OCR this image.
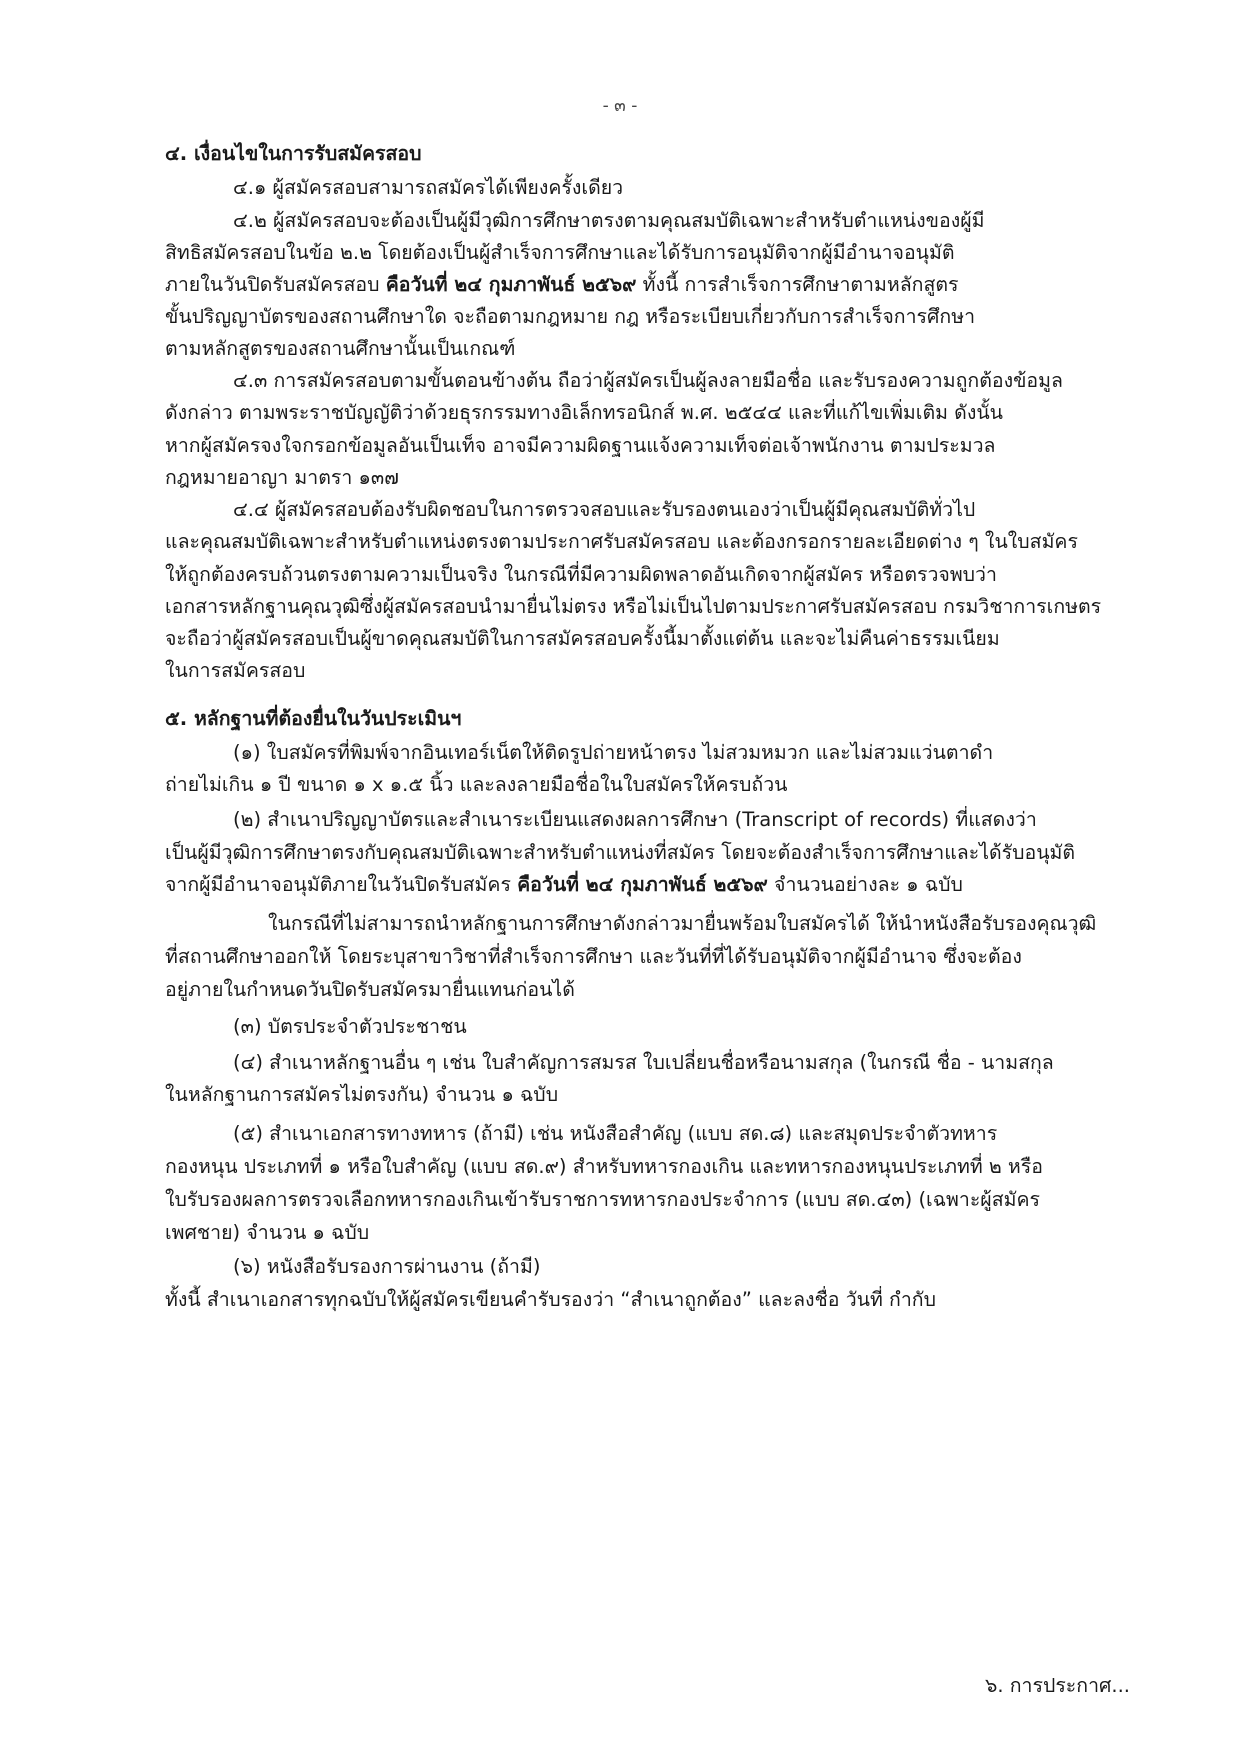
- ๓ -
๔. เงื่อนไขในการรับสมัครสอบ
๔.๑ ผู้สมัครสอบสามารถสมัครได้เพียงครั้งเดียว
๔.๒ ผู้สมัครสอบจะต้องเป็นผู้มีวุฒิการศึกษาตรงตามคุณสมบัติเฉพาะสำหรับตำแหน่งของผู้มี
สิทธิสมัครสอบในข้อ ๒.๒ โดยต้องเป็นผู้สำเร็จการศึกษาและได้รับการอนุมัติจากผู้มีอำนาจอนุมัติ
ภายในวันปิดรับสมัครสอบ คือวันที่ ๒๔ กุมภาพันธ์ ๒๕๖๙ ทั้งนี้ การสำเร็จการศึกษาตามหลักสูตร
ขั้นปริญญาบัตรของสถานศึกษาใด จะถือตามกฎหมาย กฎ หรือระเบียบเกี่ยวกับการสำเร็จการศึกษา
ตามหลักสูตรของสถานศึกษานั้นเป็นเกณฑ์
๔.๓ การสมัครสอบตามขั้นตอนข้างต้น ถือว่าผู้สมัครเป็นผู้ลงลายมือชื่อ และรับรองความถูกต้องข้อมูล
ดังกล่าว ตามพระราชบัญญัติว่าด้วยธุรกรรมทางอิเล็กทรอนิกส์ พ.ศ. ๒๕๔๔ และที่แก้ไขเพิ่มเติม ดังนั้น
หากผู้สมัครจงใจกรอกข้อมูลอันเป็นเท็จ อาจมีความผิดฐานแจ้งความเท็จต่อเจ้าพนักงาน ตามประมวล
กฎหมายอาญา มาตรา ๑๓๗
๔.๔ ผู้สมัครสอบต้องรับผิดชอบในการตรวจสอบและรับรองตนเองว่าเป็นผู้มีคุณสมบัติทั่วไป
และคุณสมบัติเฉพาะสำหรับตำแหน่งตรงตามประกาศรับสมัครสอบ และต้องกรอกรายละเอียดต่าง ๆ ในใบสมัคร
ให้ถูกต้องครบถ้วนตรงตามความเป็นจริง ในกรณีที่มีความผิดพลาดอันเกิดจากผู้สมัคร หรือตรวจพบว่า
เอกสารหลักฐานคุณวุฒิซึ่งผู้สมัครสอบนำมายื่นไม่ตรง หรือไม่เป็นไปตามประกาศรับสมัครสอบ กรมวิชาการเกษตร
จะถือว่าผู้สมัครสอบเป็นผู้ขาดคุณสมบัติในการสมัครสอบครั้งนี้มาตั้งแต่ต้น และจะไม่คืนค่าธรรมเนียม
ในการสมัครสอบ
๕. หลักฐานที่ต้องยื่นในวันประเมินฯ
(๑) ใบสมัครที่พิมพ์จากอินเทอร์เน็ตให้ติดรูปถ่ายหน้าตรง ไม่สวมหมวก และไม่สวมแว่นตาดำ
ถ่ายไม่เกิน ๑ ปี ขนาด ๑ x ๑.๕ นิ้ว และลงลายมือชื่อในใบสมัครให้ครบถ้วน
(๒) สำเนาปริญญาบัตรและสำเนาระเบียนแสดงผลการศึกษา (Transcript of records) ที่แสดงว่า
เป็นผู้มีวุฒิการศึกษาตรงกับคุณสมบัติเฉพาะสำหรับตำแหน่งที่สมัคร โดยจะต้องสำเร็จการศึกษาและได้รับอนุมัติ
จากผู้มีอำนาจอนุมัติภายในวันปิดรับสมัคร คือวันที่ ๒๔ กุมภาพันธ์ ๒๕๖๙ จำนวนอย่างละ ๑ ฉบับ
ในกรณีที่ไม่สามารถนำหลักฐานการศึกษาดังกล่าวมายื่นพร้อมใบสมัครได้ ให้นำหนังสือรับรองคุณวุฒิ
ที่สถานศึกษาออกให้ โดยระบุสาขาวิชาที่สำเร็จการศึกษา และวันที่ที่ได้รับอนุมัติจากผู้มีอำนาจ ซึ่งจะต้อง
อยู่ภายในกำหนดวันปิดรับสมัครมายื่นแทนก่อนได้
(๓) บัตรประจำตัวประชาชน
(๔) สำเนาหลักฐานอื่น ๆ เช่น ใบสำคัญการสมรส ใบเปลี่ยนชื่อหรือนามสกุล (ในกรณี ชื่อ - นามสกุล
ในหลักฐานการสมัครไม่ตรงกัน) จำนวน ๑ ฉบับ
(๕) สำเนาเอกสารทางทหาร (ถ้ามี) เช่น หนังสือสำคัญ (แบบ สด.๘) และสมุดประจำตัวทหาร
กองหนุน ประเภทที่ ๑ หรือใบสำคัญ (แบบ สด.๙) สำหรับทหารกองเกิน และทหารกองหนุนประเภทที่ ๒ หรือ
ใบรับรองผลการตรวจเลือกทหารกองเกินเข้ารับราชการทหารกองประจำการ (แบบ สด.๔๓) (เฉพาะผู้สมัคร
เพศชาย) จำนวน ๑ ฉบับ
(๖) หนังสือรับรองการผ่านงาน (ถ้ามี)
ทั้งนี้ สำเนาเอกสารทุกฉบับให้ผู้สมัครเขียนคำรับรองว่า “สำเนาถูกต้อง” และลงชื่อ วันที่ กำกับ
๖. การประกาศ...
